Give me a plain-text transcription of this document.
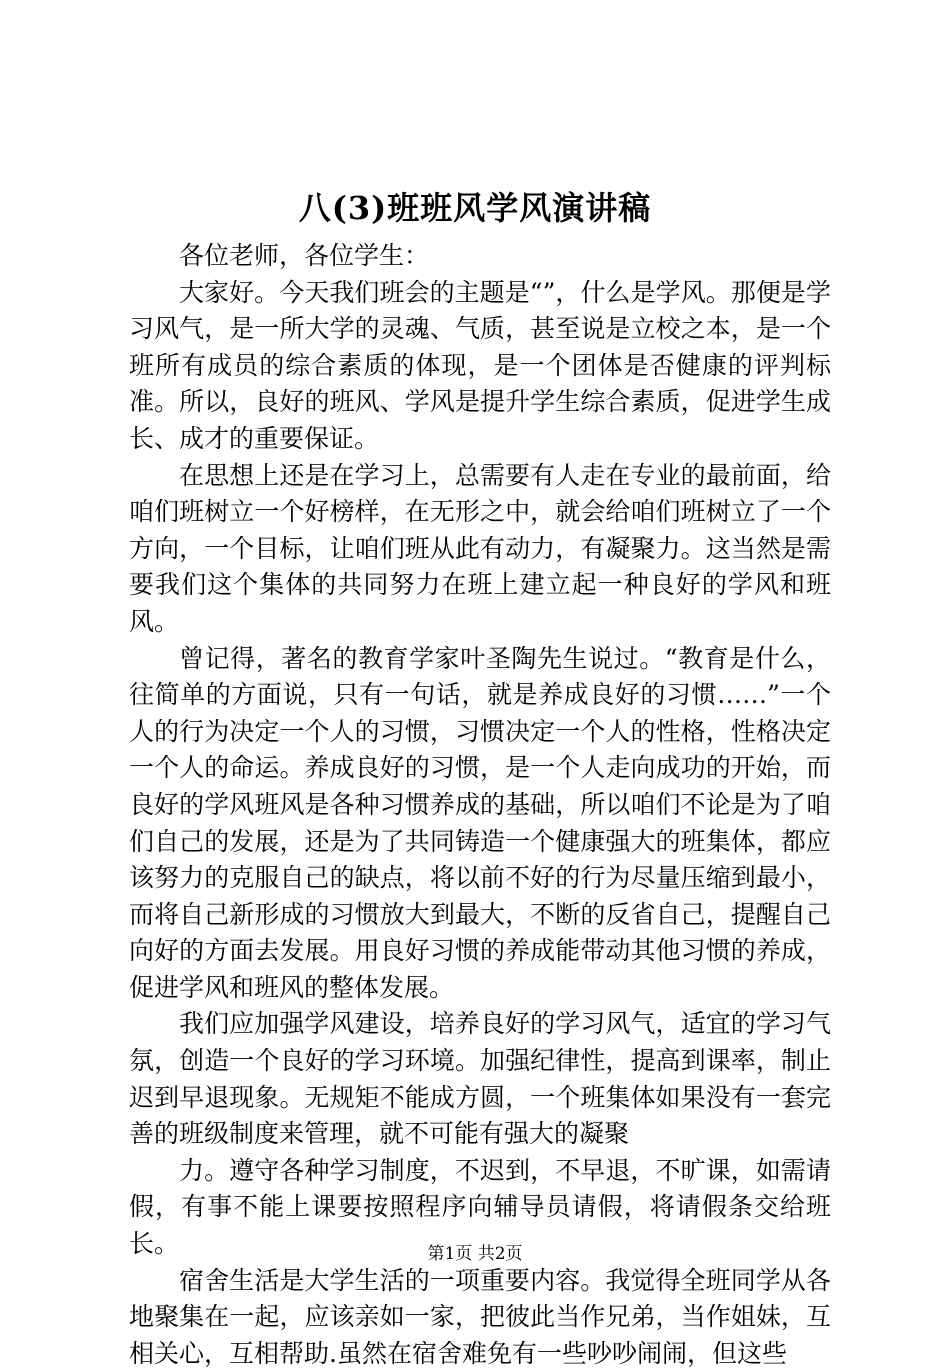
八(3)班班风学风演讲稿

各位老师，各位学生：

大家好。今天我们班会的主题是“”，什么是学风。那便是学习风气，是一所大学的灵魂、气质，甚至说是立校之本，是一个班所有成员的综合素质的体现，是一个团体是否健康的评判标准。所以，良好的班风、学风是提升学生综合素质，促进学生成长、成才的重要保证。

在思想上还是在学习上，总需要有人走在专业的最前面，给咱们班树立一个好榜样，在无形之中，就会给咱们班树立了一个方向，一个目标，让咱们班从此有动力，有凝聚力。这当然是需要我们这个集体的共同努力在班上建立起一种良好的学风和班风。

曾记得，著名的教育学家叶圣陶先生说过。“教育是什么，往简单的方面说，只有一句话，就是养成良好的习惯……”一个人的行为决定一个人的习惯，习惯决定一个人的性格，性格决定一个人的命运。养成良好的习惯，是一个人走向成功的开始，而良好的学风班风是各种习惯养成的基础，所以咱们不论是为了咱们自己的发展，还是为了共同铸造一个健康强大的班集体，都应该努力的克服自己的缺点，将以前不好的行为尽量压缩到最小，而将自己新形成的习惯放大到最大，不断的反省自己，提醒自己向好的方面去发展。用良好习惯的养成能带动其他习惯的养成，促进学风和班风的整体发展。

我们应加强学风建设，培养良好的学习风气，适宜的学习气氛，创造一个良好的学习环境。加强纪律性，提高到课率，制止迟到早退现象。无规矩不能成方圆，一个班集体如果没有一套完善的班级制度来管理，就不可能有强大的凝聚

力。遵守各种学习制度，不迟到，不早退，不旷课，如需请假，有事不能上课要按照程序向辅导员请假，将请假条交给班长。

宿舍生活是大学生活的一项重要内容。我觉得全班同学从各地聚集在一起，应该亲如一家，把彼此当作兄弟，当作姐妹，互相关心，互相帮助.虽然在宿舍难免有一些吵吵闹闹，但这些

第1页 共2页
